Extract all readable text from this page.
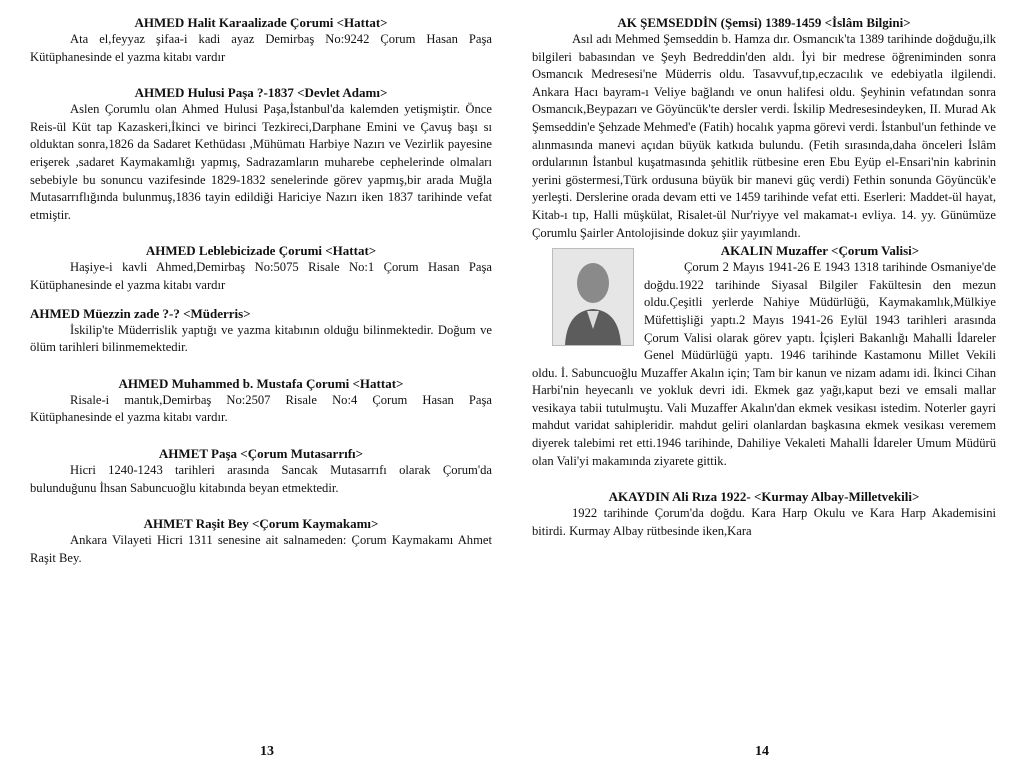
AHMED Halit Karaalizade Çorumi <Hattat>

Ata el,feyyaz şifaa-i kadi ayaz Demirbaş No:9242 Çorum Hasan Paşa Kütüphanesinde el yazma kitabı vardır

AHMED Hulusi Paşa ?-1837 <Devlet Adamı>

Aslen Çorumlu olan Ahmed Hulusi Paşa,İstanbul'da kalemden yetişmiştir. Önce Reis-ül Küt tap Kazaskeri,İkinci ve birinci Tezkireci,Darphane Emini ve Çavuş başı sı olduktan sonra,1826 da Sadaret Kethüdası ,Mühümatı Harbiye Nazırı ve Vezirlik payesine erişerek ,sadaret Kaymakamlığı yapmış, Sadrazamların muharebe cephelerinde olmaları sebebiyle bu sonuncu vazifesinde 1829-1832 senelerinde görev yapmış,bir arada Muğla Mutasarrıflığında bulunmuş,1836 tayin edildiği Hariciye Nazırı iken 1837 tarihinde vefat etmiştir.

AHMED Leblebicizade Çorumi <Hattat>

Haşiye-i kavli Ahmed,Demirbaş No:5075 Risale No:1 Çorum Hasan Paşa Kütüphanesinde el yazma kitabı vardır

AHMED Müezzin zade ?-? <Müderris>

İskilip'te Müderrislik yaptığı ve yazma kitabının olduğu bilinmektedir. Doğum ve ölüm tarihleri bilinmemektedir.

AHMED Muhammed b. Mustafa Çorumi <Hattat>

Risale-i mantık,Demirbaş No:2507 Risale No:4 Çorum Hasan Paşa Kütüphanesinde el yazma kitabı vardır.

AHMET Paşa <Çorum Mutasarrıfı>

Hicri 1240-1243 tarihleri arasında Sancak Mutasarrıfı olarak Çorum'da bulunduğunu İhsan Sabuncuoğlu kitabında beyan etmektedir.

AHMET Raşit Bey <Çorum Kaymakamı>

Ankara Vilayeti Hicri 1311 senesine ait salnameden: Çorum Kaymakamı Ahmet Raşit Bey.

13
AK ŞEMSEDDİN (Şemsi) 1389-1459 <İslâm Bilgini>

Asıl adı Mehmed Şemseddin b. Hamza dır. Osmancık'ta 1389 tarihinde doğduğu,ilk bilgileri babasından ve Şeyh Bedreddin'den aldı. İyi bir medrese öğreniminden sonra Osmancık Medresesi'ne Müderris oldu. Tasavvuf,tıp,eczacılık ve edebiyatla ilgilendi. Ankara Hacı bayram-ı Veliye bağlandı ve onun halifesi oldu. Şeyhinin vefatından sonra Osmancık,Beypazarı ve Göyüncük'te dersler verdi. İskilip Medresesindeyken, II. Murad Ak Şemseddin'e Şehzade Mehmed'e (Fatih) hocalık yapma görevi verdi. İstanbul'un fethinde ve alınmasında manevi açıdan büyük katkıda bulundu. (Fetih sırasında,daha önceleri İslâm ordularının İstanbul kuşatmasında şehitlik rütbesine eren Ebu Eyüp el-Ensari'nin kabrinin yerini göstermesi,Türk ordusuna büyük bir manevi güç verdi) Fethin sonunda Göyüncük'e yerleşti. Derslerine orada devam etti ve 1459 tarihinde vefat etti. Eserleri: Maddet-ül hayat, Kitab-ı tıp, Halli müşkülat, Risalet-ül Nur'riyye vel makamat-ı evliya. 14. yy. Günümüze Çorumlu Şairler Antolojisinde dokuz şiir yayımlandı.

AKALIN Muzaffer <Çorum Valisi>

Çorum 2 Mayıs 1941-26 E 1943 1318 tarihinde Osmaniye'de doğdu.1922 tarihinde Siyasal Bilgiler Fakültesin den mezun oldu.Çeşitli yerlerde Nahiye Müdürlüğü, Kaymakamlık,Mülkiye Müfettişliği yaptı.2 Mayıs 1941-26 Eylül 1943 tarihleri arasında Çorum Valisi olarak görev yaptı. İçişleri Bakanlığı Mahalli İdareler Genel Müdürlüğü yaptı. 1946 tarihinde Kastamonu Millet Vekili oldu. İ. Sabuncuoğlu Muzaffer Akalın için; Tam bir kanun ve nizam adamı idi. İkinci Cihan Harbi'nin heyecanlı ve yokluk devri idi. Ekmek gaz yağı,kaput bezi ve emsali mallar vesikaya tabii tutulmuştu. Vali Muzaffer Akalın'dan ekmek vesikası istedim. Noterler gayri mahdut varidat sahipleridir. mahdut geliri olanlardan başkasına ekmek vesikası veremem diyerek talebimi ret etti.1946 tarihinde, Dahiliye Vekaleti Mahalli İdareler Umum Müdürü olan Vali'yi makamında ziyarete gittik.

AKAYDIN Ali Rıza 1922- <Kurmay Albay-Milletvekili>

1922 tarihinde Çorum'da doğdu. Kara Harp Okulu ve Kara Harp Akademisini bitirdi. Kurmay Albay rütbesinde iken,Kara

14
